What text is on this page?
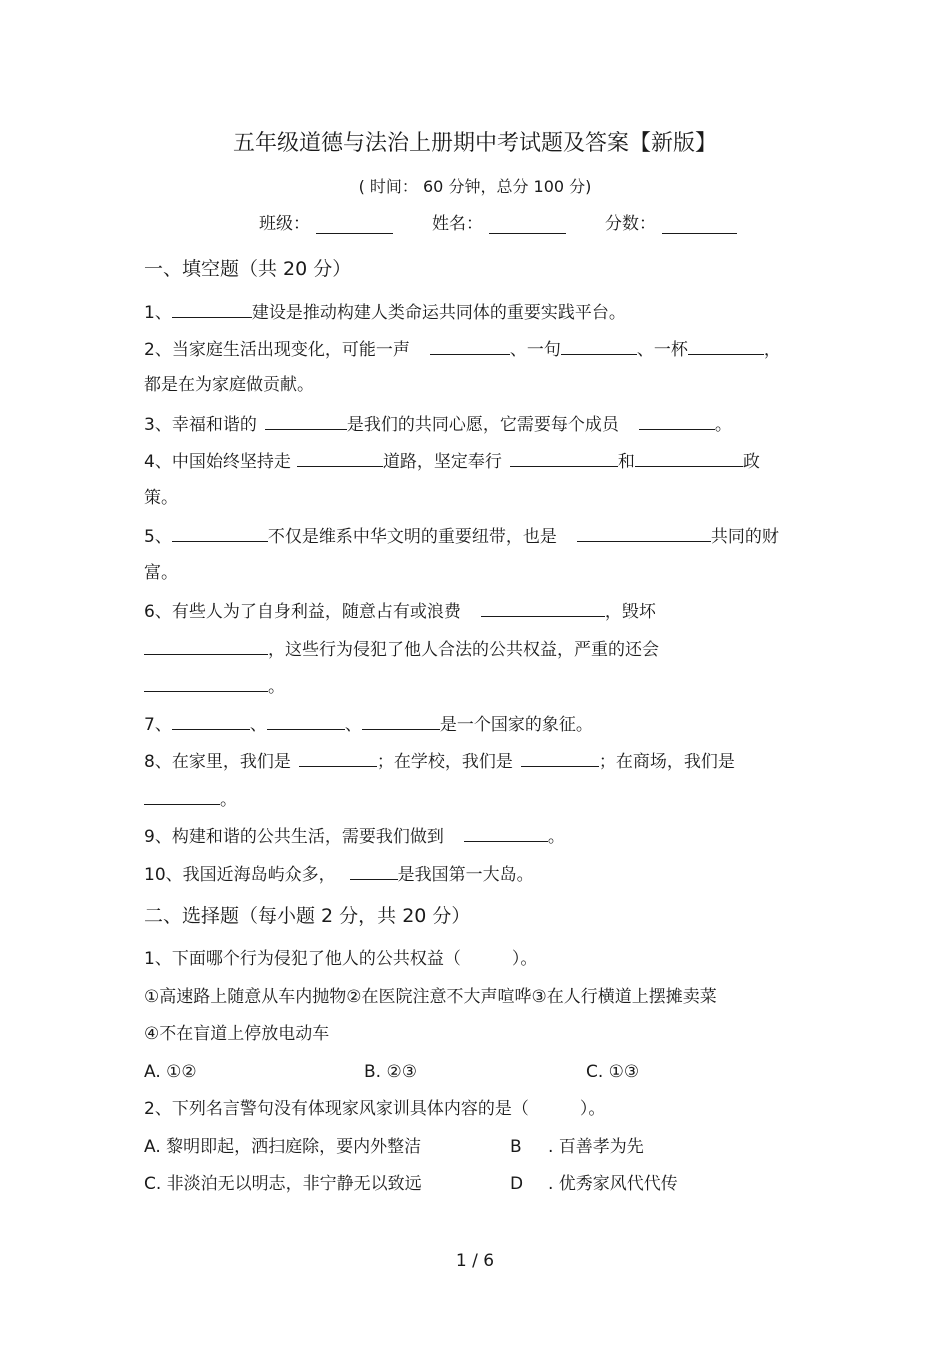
五年级道德与法治上册期中考试题及答案【新版】
( 时间： 60 分钟，总分 100 分)
班级：	姓名：	分数：
一、填空题（共 20 分）
1、	建设是推动构建人类命运共同体的重要实践平台。
2、当家庭生活出现变化，可能一声	、一句	、一杯	，
都是在为家庭做贡献。
3、幸福和谐的	是我们的共同心愿，它需要每个成员	。
4、中国始终坚持走	道路，坚定奉行	和	政
策。
5、	不仅是维系中华文明的重要纽带，也是	共同的财
富。
6、有些人为了自身利益，随意占有或浪费	，毁坏
，这些行为侵犯了他人合法的公共权益，严重的还会
。
7、	、	、	是一个国家的象征。
8、在家里，我们是	；在学校，我们是	；在商场，我们是
。
9、构建和谐的公共生活，需要我们做到	。
10、我国近海岛屿众多，	是我国第一大岛。
二、选择题（每小题 2 分，共 20 分）
1、下面哪个行为侵犯了他人的公共权益（　　　）。
①高速路上随意从车内抛物②在医院注意不大声喧哗③在人行横道上摆摊卖菜
④不在盲道上停放电动车
A. ①②	B. ②③	C. ①③
2、下列名言警句没有体现家风家训具体内容的是（　　　）。
A. 黎明即起，洒扫庭除，要内外整洁	B . 百善孝为先
C. 非淡泊无以明志，非宁静无以致远	D . 优秀家风代代传
1 / 6
